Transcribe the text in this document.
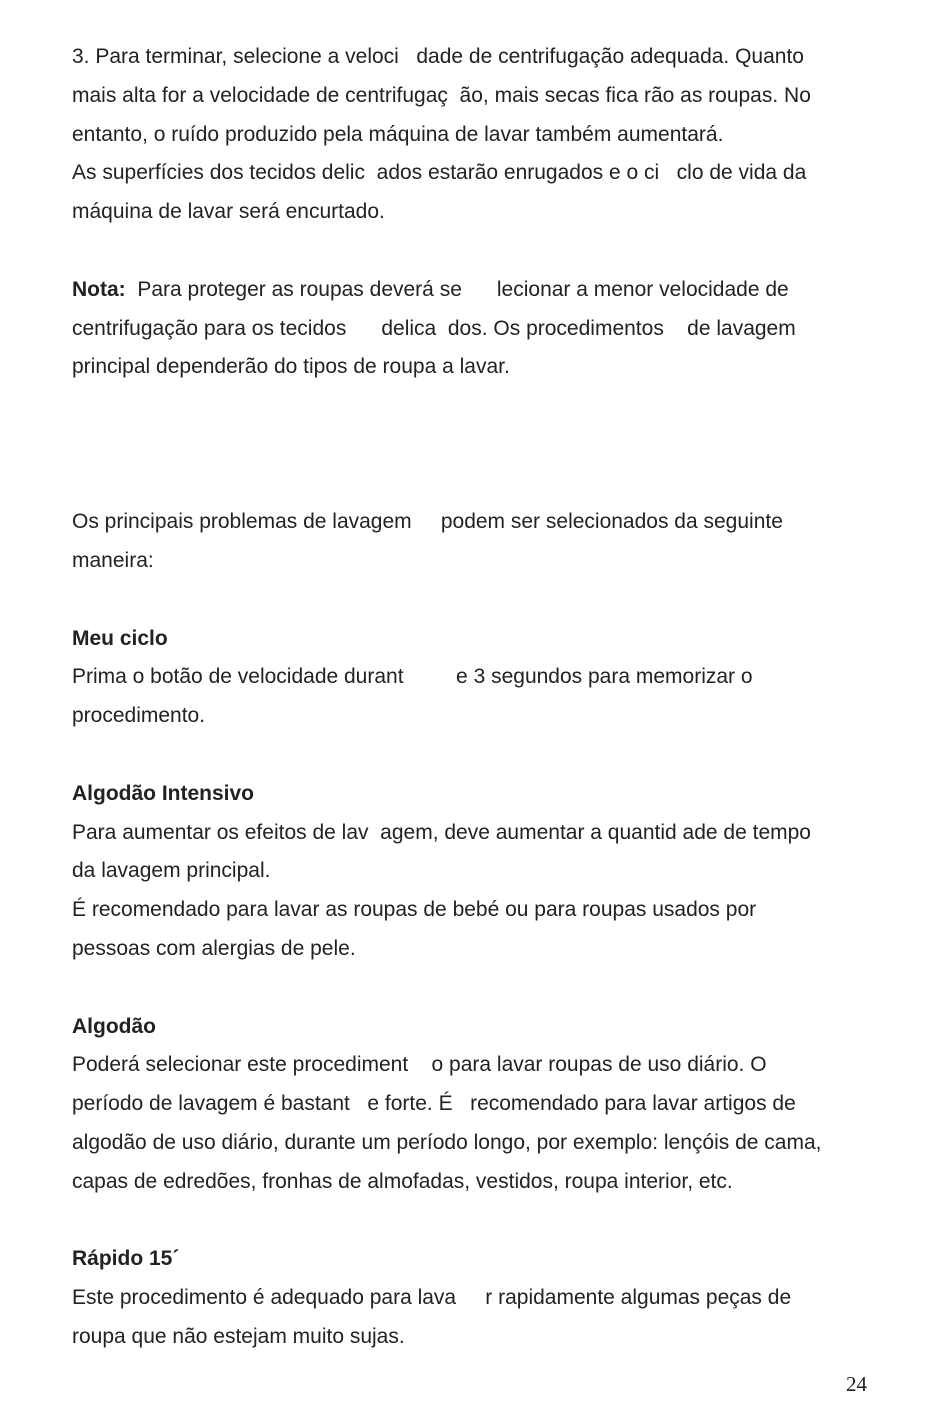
3. Para terminar, selecione a veloci   dade de centrifugação adequada. Quanto

mais alta for a velocidade de centrifugaç  ão, mais secas fica rão as roupas. No

entanto, o ruído produzido pela máquina de lavar também aumentará.

As superfícies dos tecidos delic  ados estarão enrugados e o ci   clo de vida da

máquina de lavar será encurtado.

Nota:  Para proteger as roupas deverá se      lecionar a menor velocidade de

centrifugação para os tecidos      delica  dos. Os procedimentos    de lavagem

principal dependerão do tipos de roupa a lavar.

Os principais problemas de lavagem     podem ser selecionados da seguinte

maneira:

Meu ciclo

Prima o botão de velocidade durant         e 3 segundos para memorizar o

procedimento.

Algodão Intensivo

Para aumentar os efeitos de lav  agem, deve aumentar a quantid ade de tempo

da lavagem principal.

É recomendado para lavar as roupas de bebé ou para roupas usados por

pessoas com alergias de pele.

Algodão

Poderá selecionar este procediment    o para lavar roupas de uso diário. O

período de lavagem é bastant   e forte. É   recomendado para lavar artigos de

algodão de uso diário, durante um período longo, por exemplo: lençóis de cama,

capas de edredões, fronhas de almofadas, vestidos, roupa interior, etc.

Rápido 15´

Este procedimento é adequado para lava     r rapidamente algumas peças de

roupa que não estejam muito sujas.

24
